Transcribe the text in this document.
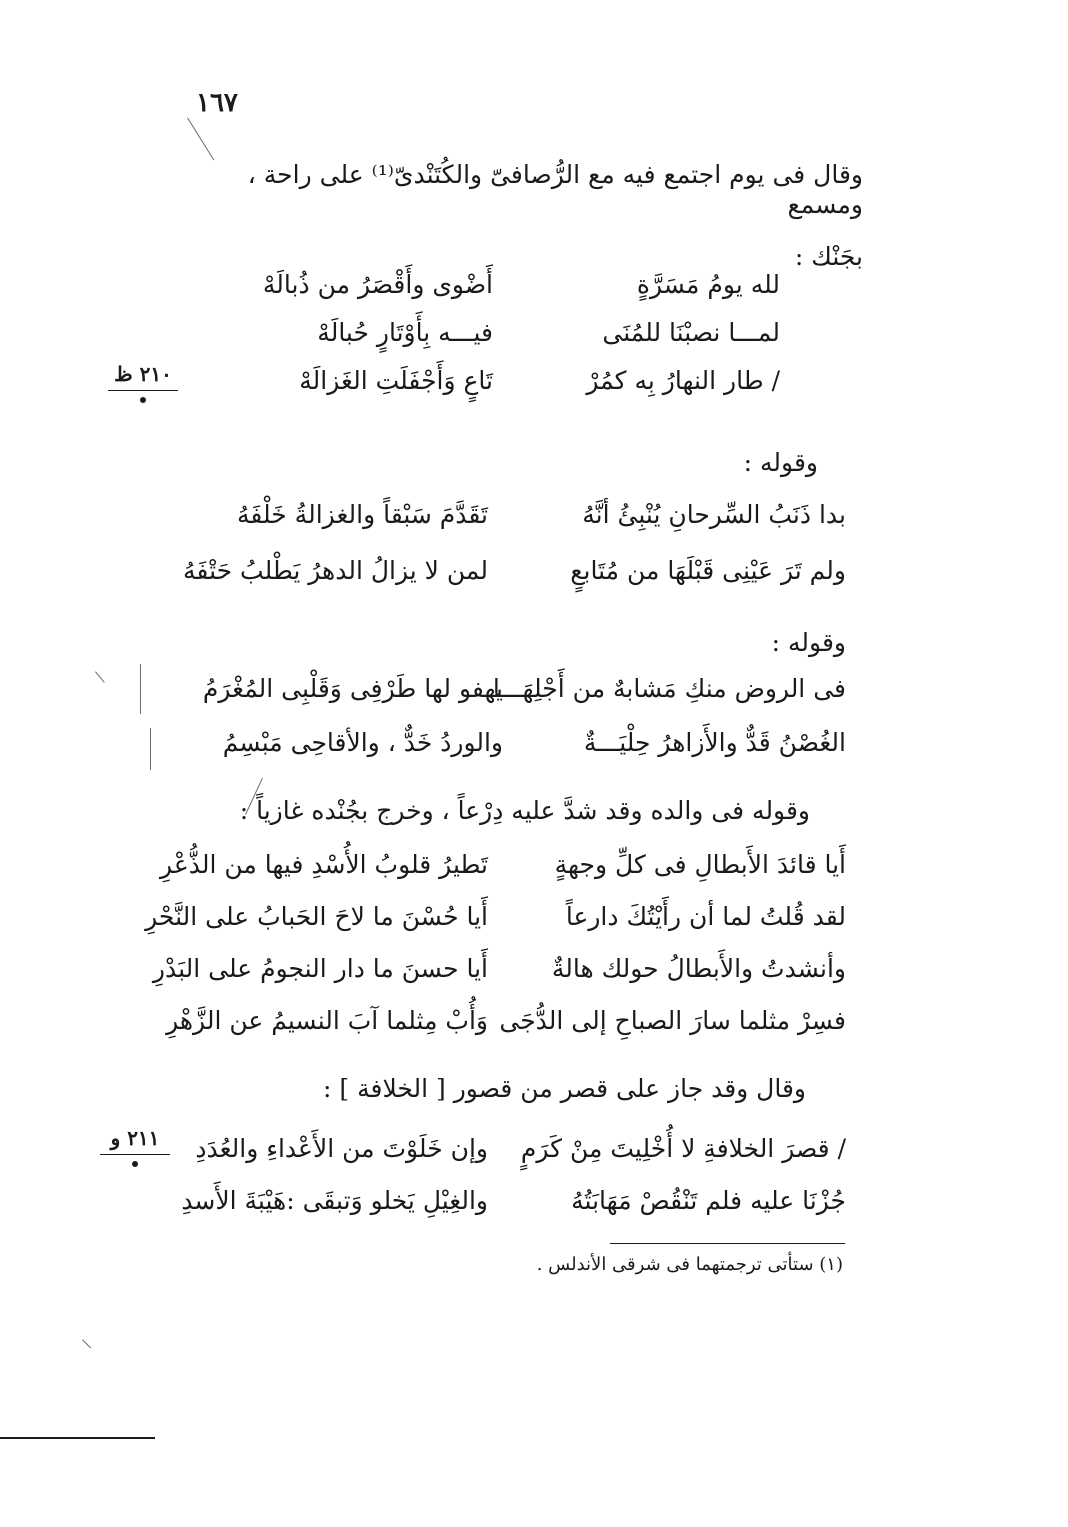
١٦٧
وقال فى يوم اجتمع فيه مع الرُّصافىّ والكُتَنْدىّ⁽¹⁾ على راحة ، ومسمع
بجَنْك :
لله يومُ مَسَرَّةٍ
أَضْوى وأَقْصَرُ من ذُبالَهْ
لمـــا نصبْنَا للمُنَى
فيـــه بِأَوْتَارٍ حُبالَهْ
/ طار النهارُ بِه كمُرْ
تَاعٍ وَأَجْفَلَتِ الغَزالَهْ
٢١٠ ظ
وقوله :
بدا ذَنَبُ السِّرحانِ يُنْبِئُ أنَّهُ
تَقَدَّمَ سَبْقاً والغزالةُ خَلْفَهُ
ولم تَرَ عَيْنِى قَبْلَهَا من مُتَابعٍ
لمن لا يزالُ الدهرُ يَطْلبُ حَتْفَهُ
وقوله :
فى الروض منكِ مَشابهٌ من أَجْلِهَـــا
يهفو لها طَرْفِى وَقَلْبِى المُغْرَمُ
الغُصْنُ قَدٌّ والأَزاهرُ حِلْيَـــةٌ
والوردُ خَدٌّ ، والأقاحِى مَبْسِمُ
وقوله فى والده وقد شدَّ عليه دِرْعاً ، وخرج بجُنْده غازياً :
أَيا قائدَ الأَبطالِ فى كلِّ وجهةٍ
تَطيرُ قلوبُ الأُسْدِ فيها من الذُّعْرِ
لقد قُلتُ لما أن رأَيْتُكَ دارعاً
أَيا حُسْنَ ما لاحَ الحَبابُ على النَّحْرِ
وأنشدتُ والأَبطالُ حولك هالةٌ
أَيا حسنَ ما دار النجومُ على البَدْرِ
فسِرْ مثلما سارَ الصباحِ إلى الدُّجَى
وَأُبْ مِثلما آبَ النسيمُ عن الزَّهْرِ
وقال وقد جاز على قصر من قصور [ الخلافة ] :
/ قصرَ الخلافةِ لا أُخْلِيتَ مِنْ كَرَمٍ
وإن خَلَوْتَ من الأَعْداءِ والعُدَدِ
جُزْنَا عليه فلم تَنْقُصْ مَهَابَتُهُ
والغِيْلِ يَخلو وَتبقَى :هَيْبَةَ الأَسدِ
٢١١ و
(١) ستأتى ترجمتهما فى شرقى الأندلس .
